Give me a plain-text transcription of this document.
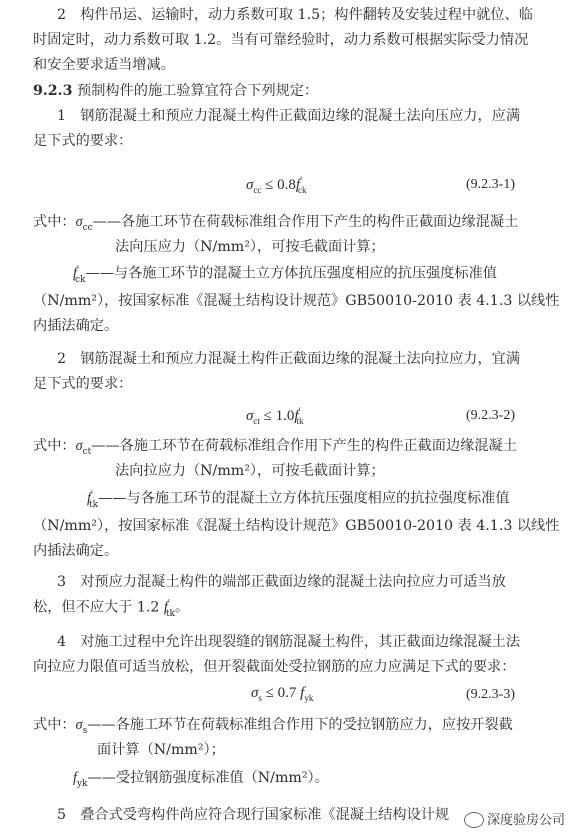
2　构件吊运、运输时，动力系数可取 1.5；构件翻转及安装过程中就位、临
时固定时，动力系数可取 1.2。当有可靠经验时，动力系数可根据实际受力情况
和安全要求适当增减。
9.2.3 预制构件的施工验算宜符合下列规定：
1　钢筋混凝土和预应力混凝土构件正截面边缘的混凝土法向压应力，应满
足下式的要求：
$\sigma_{cc} \le 0.8f'_{ck}$	(9.2.3-1)
式中：$\sigma_{cc}——$各施工环节在荷载标准组合作用下产生的构件正截面边缘混凝土
法向压应力（N/mm²），可按毛截面计算；
$f'_{ck}——$与各施工环节的混凝土立方体抗压强度相应的抗压强度标准值
（N/mm²），按国家标准《混凝土结构设计规范》GB50010-2010 表 4.1.3 以线性
内插法确定。
2　钢筋混凝土和预应力混凝土构件正截面边缘的混凝土法向拉应力，宜满
足下式的要求：
$\sigma_{ct} \le 1.0f'_{tk}$	(9.2.3-2)
式中：$\sigma_{ct}——$各施工环节在荷载标准组合作用下产生的构件正截面边缘混凝土
法向拉应力（N/mm²），可按毛截面计算；
$f'_{tk}——$与各施工环节的混凝土立方体抗压强度相应的抗拉强度标准值
（N/mm²），按国家标准《混凝土结构设计规范》GB50010-2010 表 4.1.3 以线性
内插法确定。
3　对预应力混凝土构件的端部正截面边缘的混凝土法向拉应力可适当放
松，但不应大于 1.2 $f'_{tk}$。
4　对施工过程中允许出现裂缝的钢筋混凝土构件，其正截面边缘混凝土法
向拉应力限值可适当放松，但开裂截面处受拉钢筋的应力应满足下式的要求：
$\sigma_s \le 0.7$ $f_{yk}$	(9.2.3-3)
式中：$\sigma_s——$各施工环节在荷载标准组合作用下的受拉钢筋应力，应按开裂截
面计算（N/mm²）；
$f_{yk}——$受拉钢筋强度标准值（N/mm²）。
5　叠合式受弯构件尚应符合现行国家标准《混凝土结构设计规	深度验房公司
